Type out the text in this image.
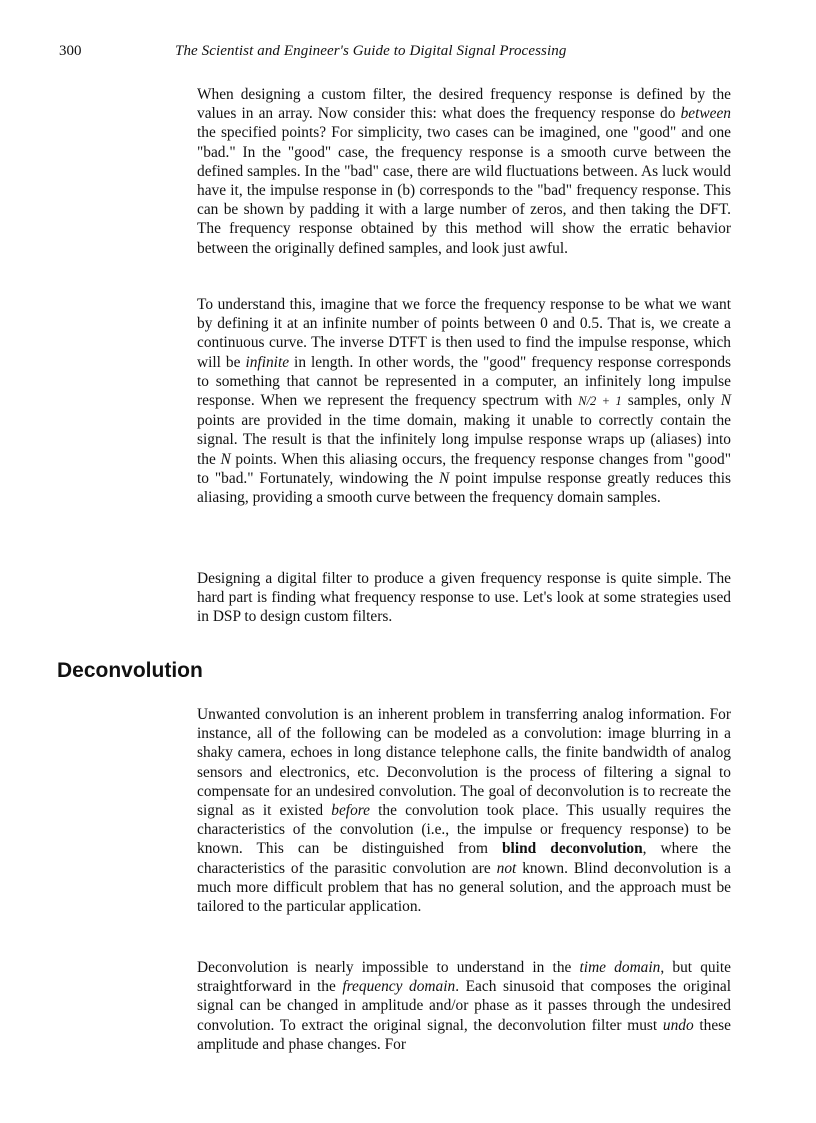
300	The Scientist and Engineer's Guide to Digital Signal Processing

When designing a custom filter, the desired frequency response is defined by the values in an array. Now consider this: what does the frequency response do between the specified points? For simplicity, two cases can be imagined, one "good" and one "bad." In the "good" case, the frequency response is a smooth curve between the defined samples. In the "bad" case, there are wild fluctuations between. As luck would have it, the impulse response in (b) corresponds to the "bad" frequency response. This can be shown by padding it with a large number of zeros, and then taking the DFT. The frequency response obtained by this method will show the erratic behavior between the originally defined samples, and look just awful.

To understand this, imagine that we force the frequency response to be what we want by defining it at an infinite number of points between 0 and 0.5. That is, we create a continuous curve. The inverse DTFT is then used to find the impulse response, which will be infinite in length. In other words, the "good" frequency response corresponds to something that cannot be represented in a computer, an infinitely long impulse response. When we represent the frequency spectrum with N/2 + 1 samples, only N points are provided in the time domain, making it unable to correctly contain the signal. The result is that the infinitely long impulse response wraps up (aliases) into the N points. When this aliasing occurs, the frequency response changes from "good" to "bad." Fortunately, windowing the N point impulse response greatly reduces this aliasing, providing a smooth curve between the frequency domain samples.

Designing a digital filter to produce a given frequency response is quite simple. The hard part is finding what frequency response to use. Let's look at some strategies used in DSP to design custom filters.

Deconvolution

Unwanted convolution is an inherent problem in transferring analog information. For instance, all of the following can be modeled as a convolution: image blurring in a shaky camera, echoes in long distance telephone calls, the finite bandwidth of analog sensors and electronics, etc. Deconvolution is the process of filtering a signal to compensate for an undesired convolution. The goal of deconvolution is to recreate the signal as it existed before the convolution took place. This usually requires the characteristics of the convolution (i.e., the impulse or frequency response) to be known. This can be distinguished from blind deconvolution, where the characteristics of the parasitic convolution are not known. Blind deconvolution is a much more difficult problem that has no general solution, and the approach must be tailored to the particular application.

Deconvolution is nearly impossible to understand in the time domain, but quite straightforward in the frequency domain. Each sinusoid that composes the original signal can be changed in amplitude and/or phase as it passes through the undesired convolution. To extract the original signal, the deconvolution filter must undo these amplitude and phase changes. For
